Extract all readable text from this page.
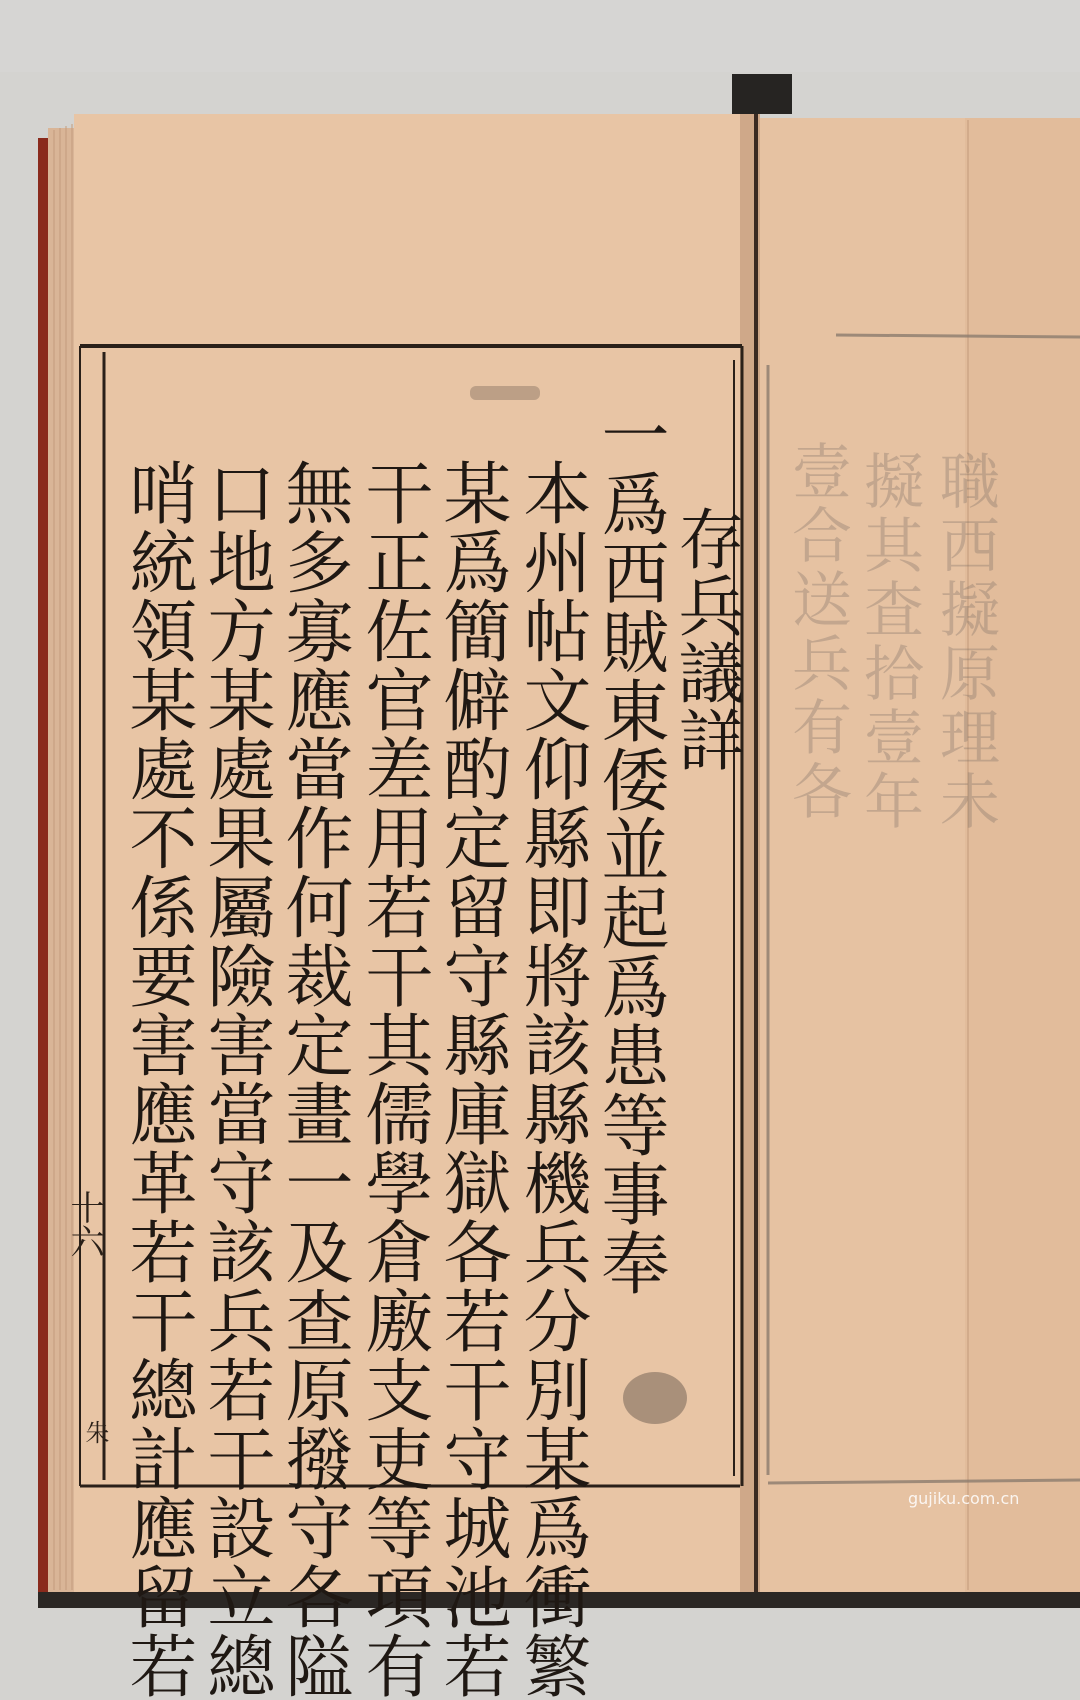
存兵議詳
一爲西賊東倭並起爲患等事奉
本州帖文仰縣即將該縣機兵分別某爲衝繁
某爲簡僻酌定留守縣庫獄各若干守城池若
干正佐官差用若干其儒學倉廒支吏等項有
無多寡應當作何裁定畫一及查原撥守各隘
口地方某處果屬險害當守該兵若干設立總
哨統領某處不係要害應革若干總計應留若
十六
朱
職西擬原理未
擬其査拾壹年
壹合送兵有各
gujiku.com.cn
